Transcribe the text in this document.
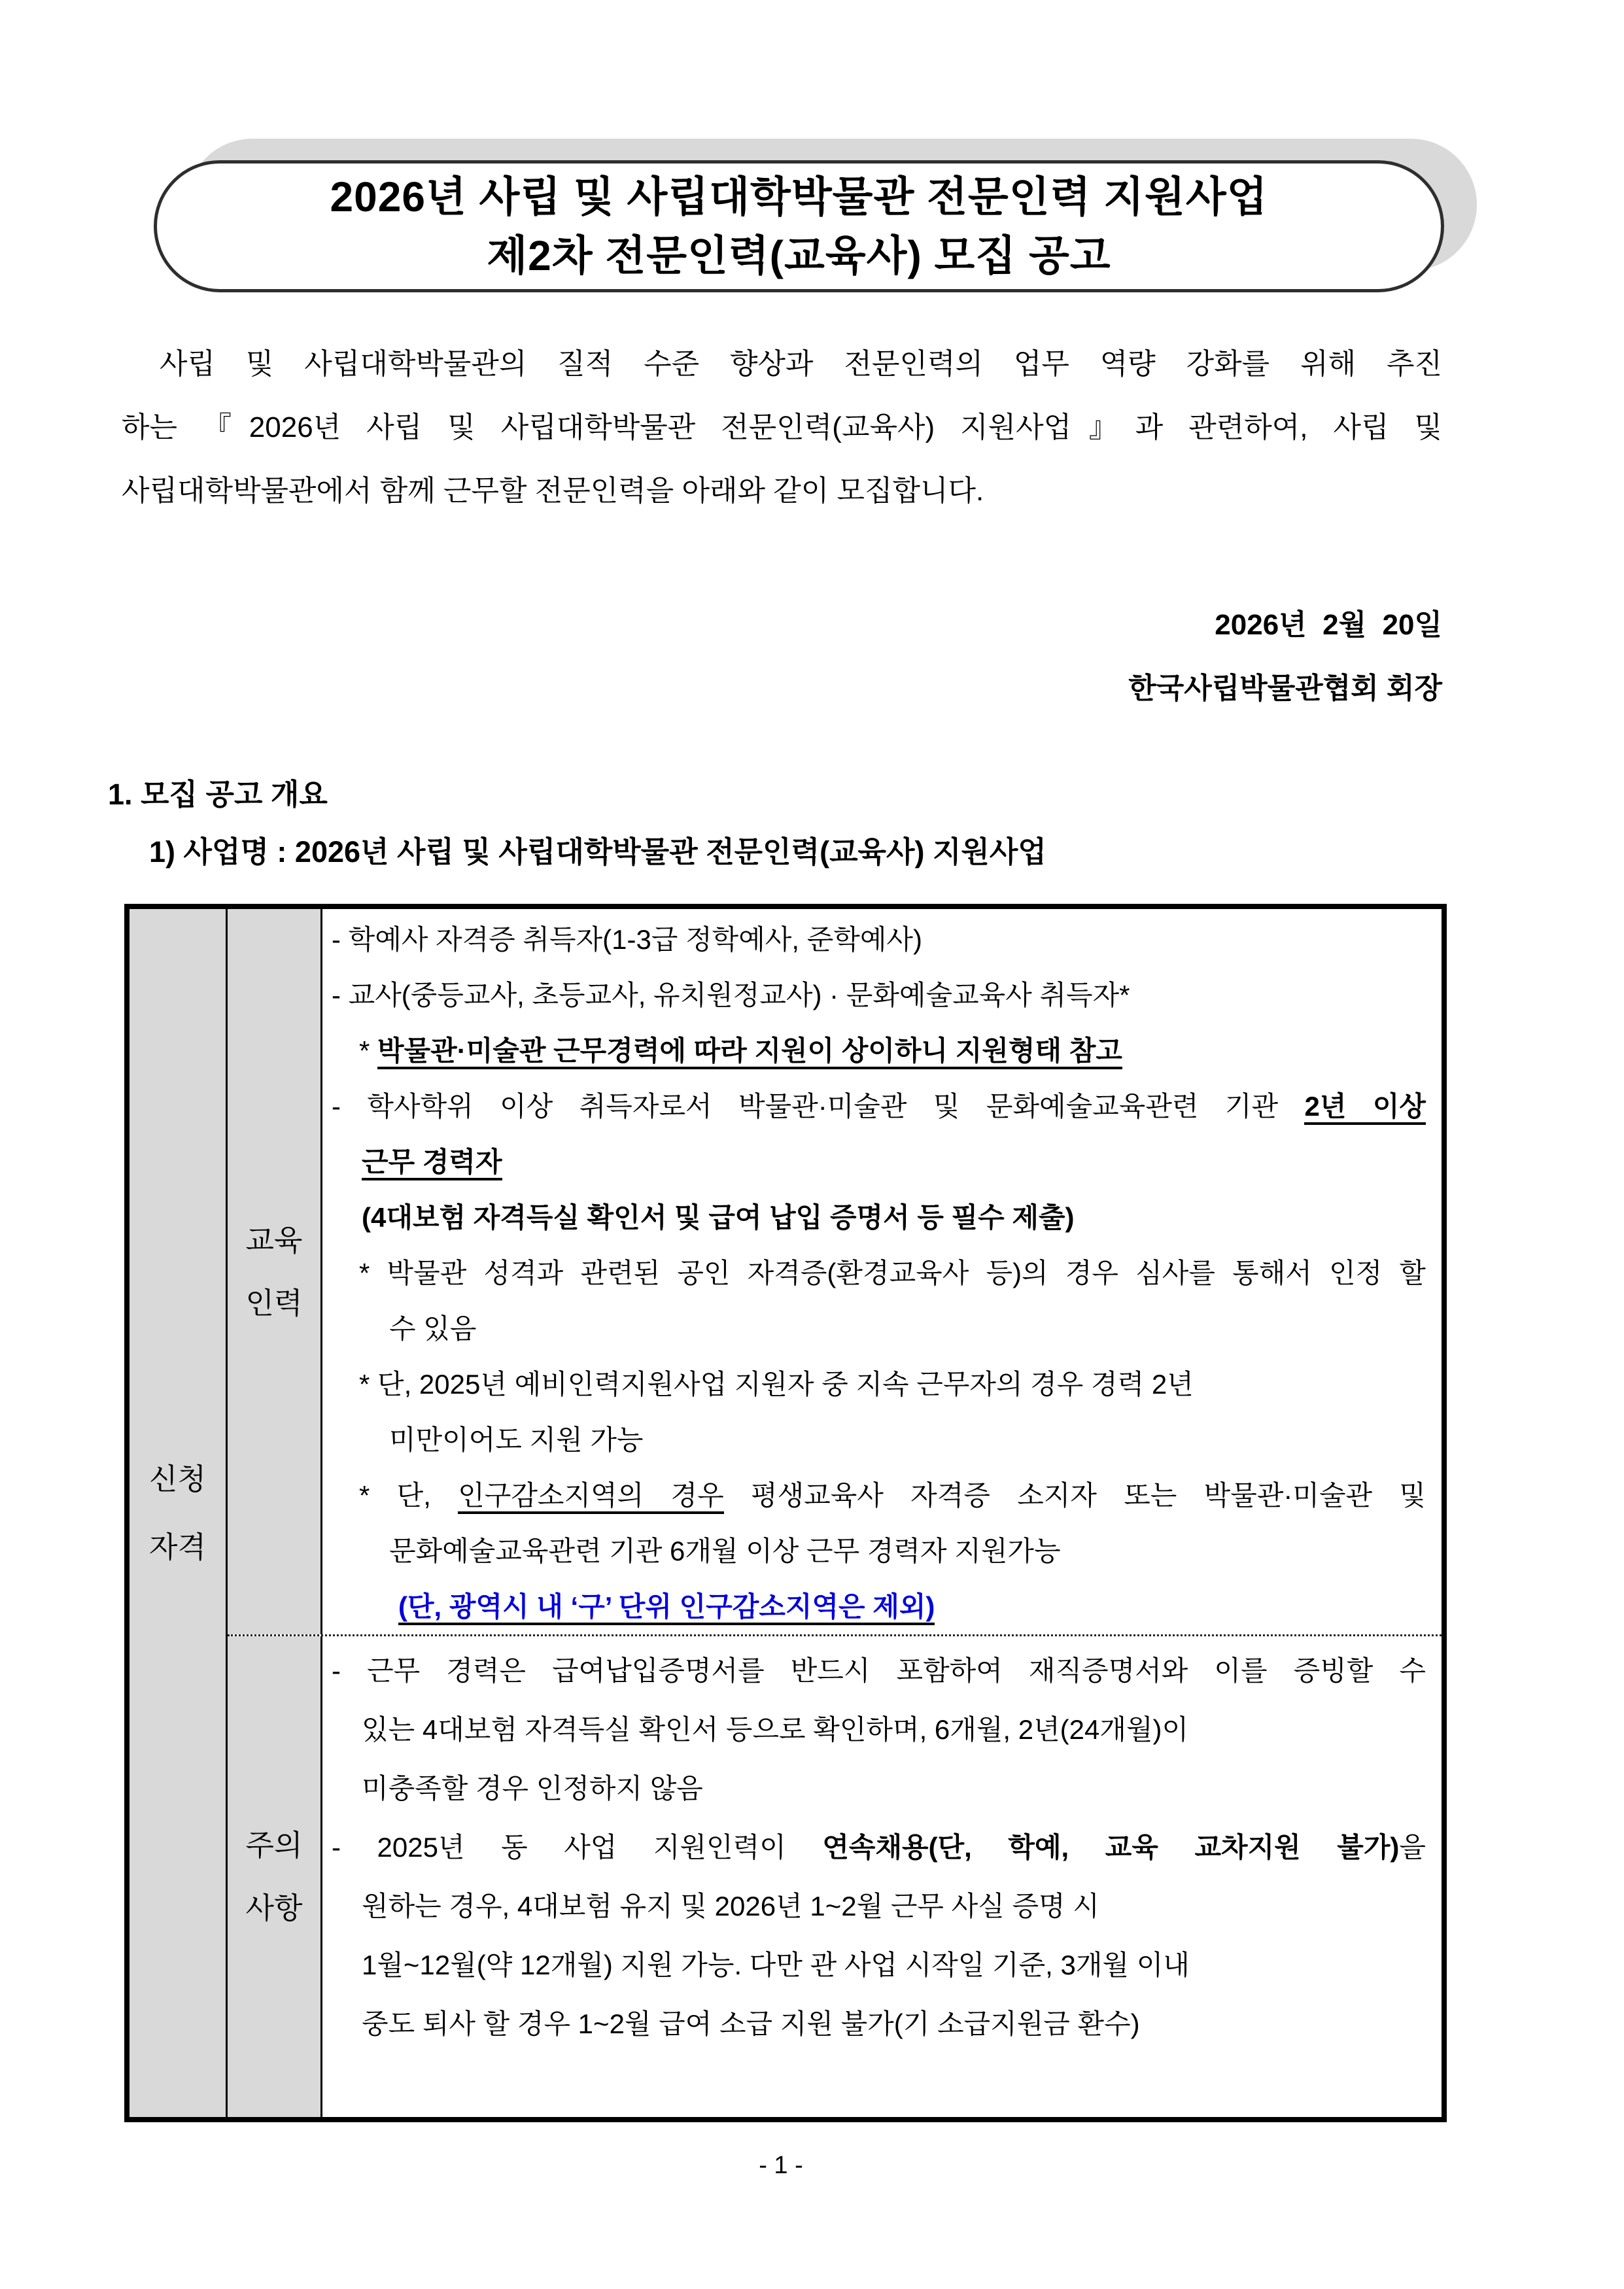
2026년 사립 및 사립대학박물관 전문인력 지원사업
제2차 전문인력(교육사) 모집 공고
사립 및 사립대학박물관의 질적 수준 향상과 전문인력의 업무 역량 강화를 위해 추진
하는 『2026년 사립 및 사립대학박물관 전문인력(교육사) 지원사업』과 관련하여, 사립 및
사립대학박물관에서 함께 근무할 전문인력을 아래와 같이 모집합니다.
2026년  2월  20일
한국사립박물관협회 회장
1. 모집 공고 개요
1) 사업명 : 2026년 사립 및 사립대학박물관 전문인력(교육사) 지원사업
신청
자격
교육
인력
- 학예사 자격증 취득자(1-3급 정학예사, 준학예사)
- 교사(중등교사, 초등교사, 유치원정교사) · 문화예술교육사 취득자*
* 박물관·미술관 근무경력에 따라 지원이 상이하니 지원형태 참고
- 학사학위 이상 취득자로서 박물관·미술관 및 문화예술교육관련 기관 2년 이상
근무 경력자
(4대보험 자격득실 확인서 및 급여 납입 증명서 등 필수 제출)
* 박물관 성격과 관련된 공인 자격증(환경교육사 등)의 경우 심사를 통해서 인정 할
수 있음
* 단, 2025년 예비인력지원사업 지원자 중 지속 근무자의 경우 경력 2년
미만이어도 지원 가능
* 단, 인구감소지역의 경우 평생교육사 자격증 소지자 또는 박물관·미술관 및
문화예술교육관련 기관 6개월 이상 근무 경력자 지원가능
(단, 광역시 내 ‘구’ 단위 인구감소지역은 제외)
주의
사항
- 근무 경력은 급여납입증명서를 반드시 포함하여 재직증명서와 이를 증빙할 수
있는 4대보험 자격득실 확인서 등으로 확인하며, 6개월, 2년(24개월)이
미충족할 경우 인정하지 않음
- 2025년 동 사업 지원인력이 연속채용(단, 학예, 교육 교차지원 불가)을
원하는 경우, 4대보험 유지 및 2026년 1~2월 근무 사실 증명 시
1월~12월(약 12개월) 지원 가능. 다만 관 사업 시작일 기준, 3개월 이내
중도 퇴사 할 경우 1~2월 급여 소급 지원 불가(기 소급지원금 환수)
- 1 -
